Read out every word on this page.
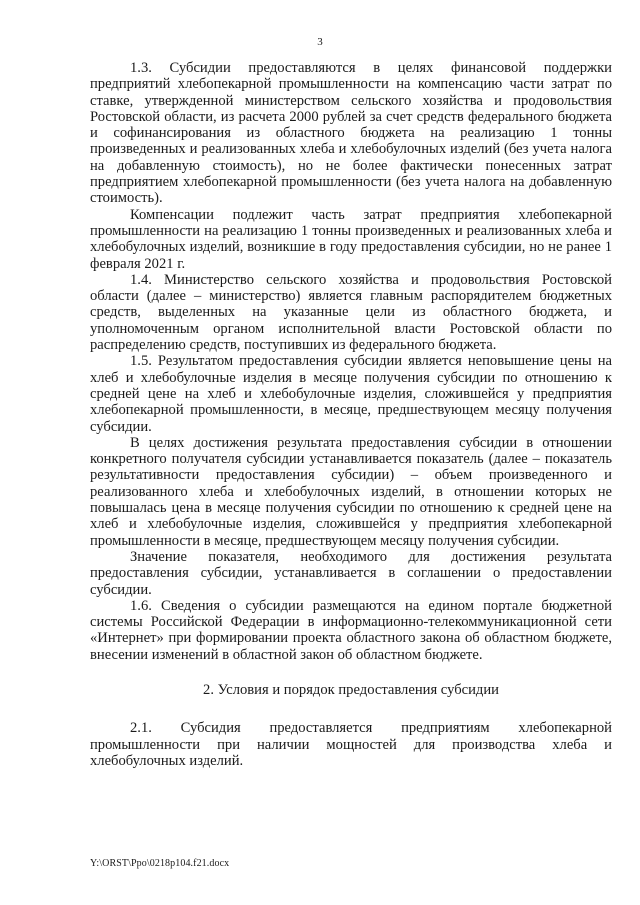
3

1.3. Субсидии предоставляются в целях финансовой поддержки предприятий хлебопекарной промышленности на компенсацию части затрат по ставке, утвержденной министерством сельского хозяйства и продовольствия Ростовской области, из расчета 2000 рублей за счет средств федерального бюджета и софинансирования из областного бюджета на реализацию 1 тонны произведенных и реализованных хлеба и хлебобулочных изделий (без учета налога на добавленную стоимость), но не более фактически понесенных затрат предприятием хлебопекарной промышленности (без учета налога на добавленную стоимость).

Компенсации подлежит часть затрат предприятия хлебопекарной промышленности на реализацию 1 тонны произведенных и реализованных хлеба и хлебобулочных изделий, возникшие в году предоставления субсидии, но не ранее 1 февраля 2021 г.

1.4. Министерство сельского хозяйства и продовольствия Ростовской области (далее – министерство) является главным распорядителем бюджетных средств, выделенных на указанные цели из областного бюджета, и уполномоченным органом исполнительной власти Ростовской области по распределению средств, поступивших из федерального бюджета.

1.5. Результатом предоставления субсидии является неповышение цены на хлеб и хлебобулочные изделия в месяце получения субсидии по отношению к средней цене на хлеб и хлебобулочные изделия, сложившейся у предприятия хлебопекарной промышленности, в месяце, предшествующем месяцу получения субсидии.

В целях достижения результата предоставления субсидии в отношении конкретного получателя субсидии устанавливается показатель (далее – показатель результативности предоставления субсидии) – объем произведенного и реализованного хлеба и хлебобулочных изделий, в отношении которых не повышалась цена в месяце получения субсидии по отношению к средней цене на хлеб и хлебобулочные изделия, сложившейся у предприятия хлебопекарной промышленности в месяце, предшествующем месяцу получения субсидии.

Значение показателя, необходимого для достижения результата предоставления субсидии, устанавливается в соглашении о предоставлении субсидии.

1.6. Сведения о субсидии размещаются на едином портале бюджетной системы Российской Федерации в информационно-телекоммуникационной сети «Интернет» при формировании проекта областного закона об областном бюджете, внесении изменений в областной закон об областном бюджете.

2. Условия и порядок предоставления субсидии

2.1. Субсидия предоставляется предприятиям хлебопекарной промышленности при наличии мощностей для производства хлеба и хлебобулочных изделий.

Y:\ORST\Ppo\0218p104.f21.docx
